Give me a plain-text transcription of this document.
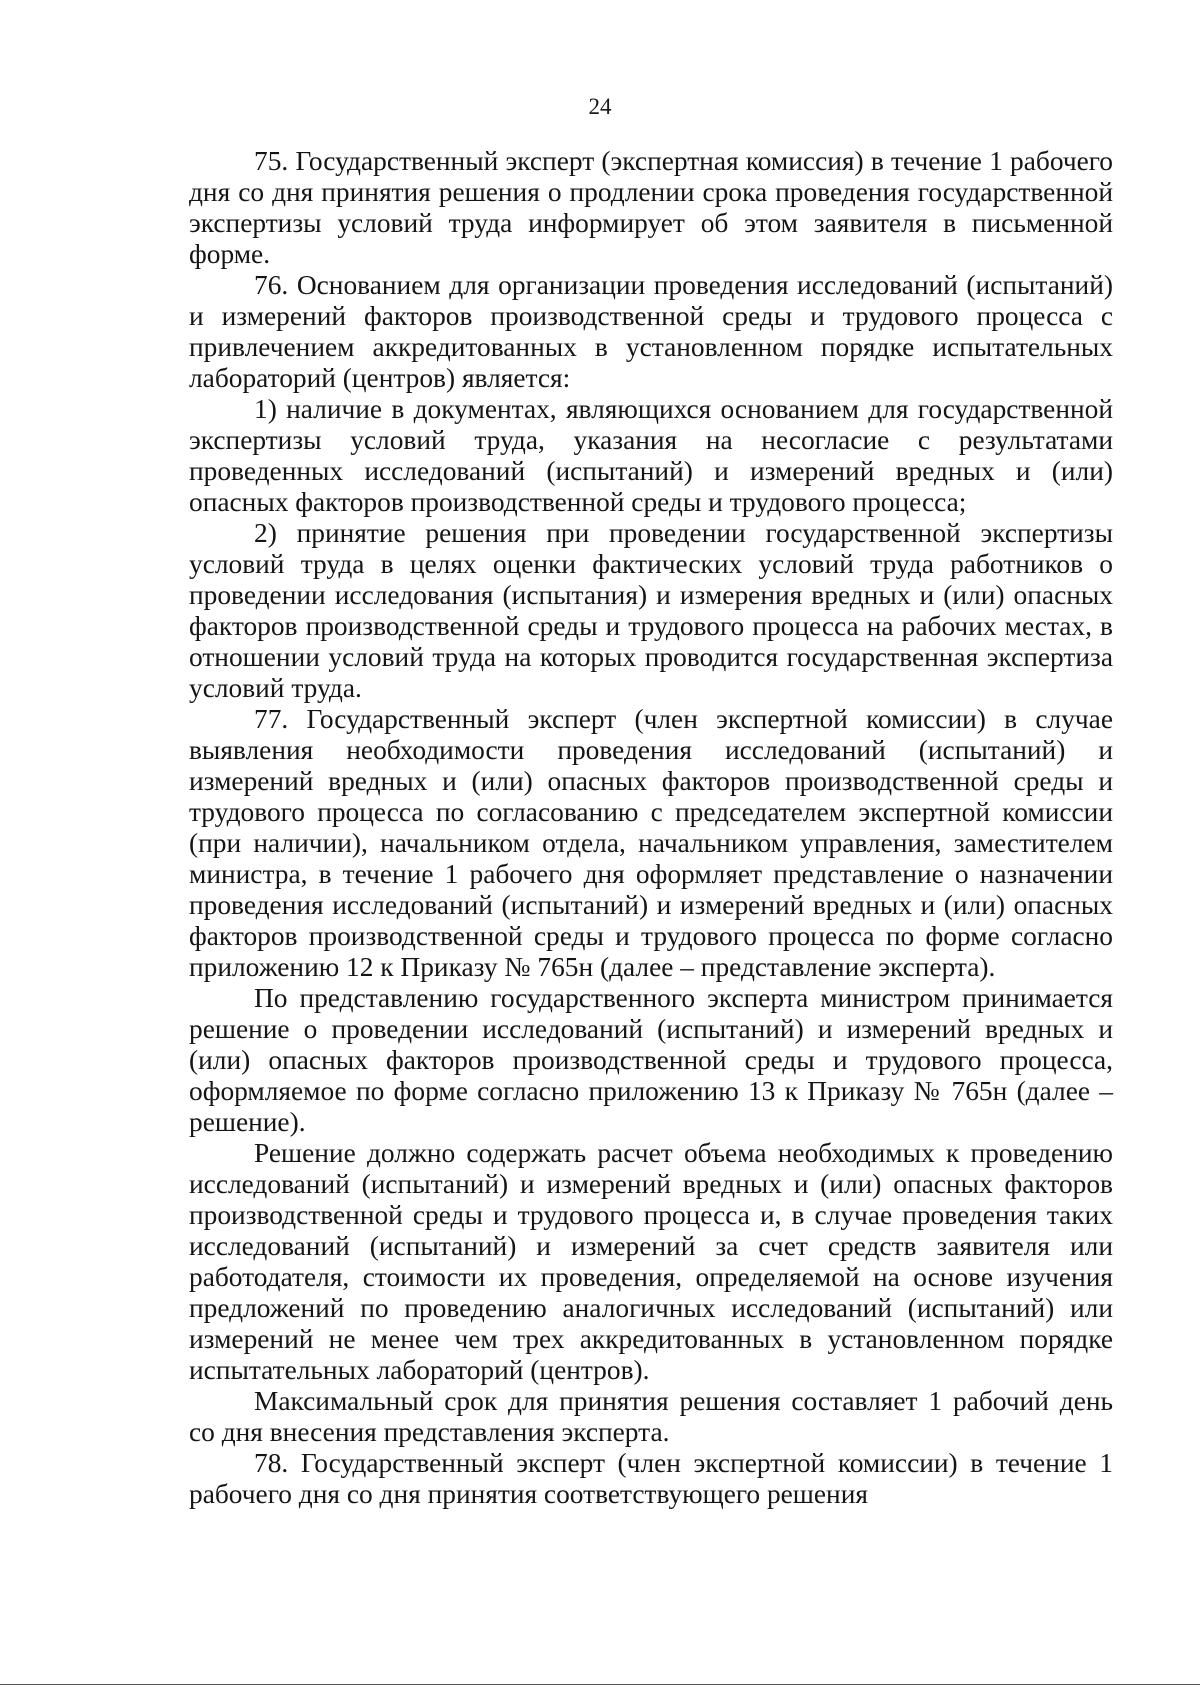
24

75. Государственный эксперт (экспертная комиссия) в течение 1 рабочего дня со дня принятия решения о продлении срока проведения государственной экспертизы условий труда информирует об этом заявителя в письменной форме.

76. Основанием для организации проведения исследований (испытаний) и измерений факторов производственной среды и трудового процесса с привлечением аккредитованных в установленном порядке испытательных лабораторий (центров) является:

1) наличие в документах, являющихся основанием для государственной экспертизы условий труда, указания на несогласие с результатами проведенных исследований (испытаний) и измерений вредных и (или) опасных факторов производственной среды и трудового процесса;

2) принятие решения при проведении государственной экспертизы условий труда в целях оценки фактических условий труда работников о проведении исследования (испытания) и измерения вредных и (или) опасных факторов производственной среды и трудового процесса на рабочих местах, в отношении условий труда на которых проводится государственная экспертиза условий труда.

77. Государственный эксперт (член экспертной комиссии) в случае выявления необходимости проведения исследований (испытаний) и измерений вредных и (или) опасных факторов производственной среды и трудового процесса по согласованию с председателем экспертной комиссии (при наличии), начальником отдела, начальником управления, заместителем министра, в течение 1 рабочего дня оформляет представление о назначении проведения исследований (испытаний) и измерений вредных и (или) опасных факторов производственной среды и трудового процесса по форме согласно приложению 12 к Приказу № 765н (далее – представление эксперта).

По представлению государственного эксперта министром принимается решение о проведении исследований (испытаний) и измерений вредных и (или) опасных факторов производственной среды и трудового процесса, оформляемое по форме согласно приложению 13 к Приказу № 765н (далее – решение).

Решение должно содержать расчет объема необходимых к проведению исследований (испытаний) и измерений вредных и (или) опасных факторов производственной среды и трудового процесса и, в случае проведения таких исследований (испытаний) и измерений за счет средств заявителя или работодателя, стоимости их проведения, определяемой на основе изучения предложений по проведению аналогичных исследований (испытаний) или измерений не менее чем трех аккредитованных в установленном порядке испытательных лабораторий (центров).

Максимальный срок для принятия решения составляет 1 рабочий день со дня внесения представления эксперта.

78. Государственный эксперт (член экспертной комиссии) в течение 1 рабочего дня со дня принятия соответствующего решения
